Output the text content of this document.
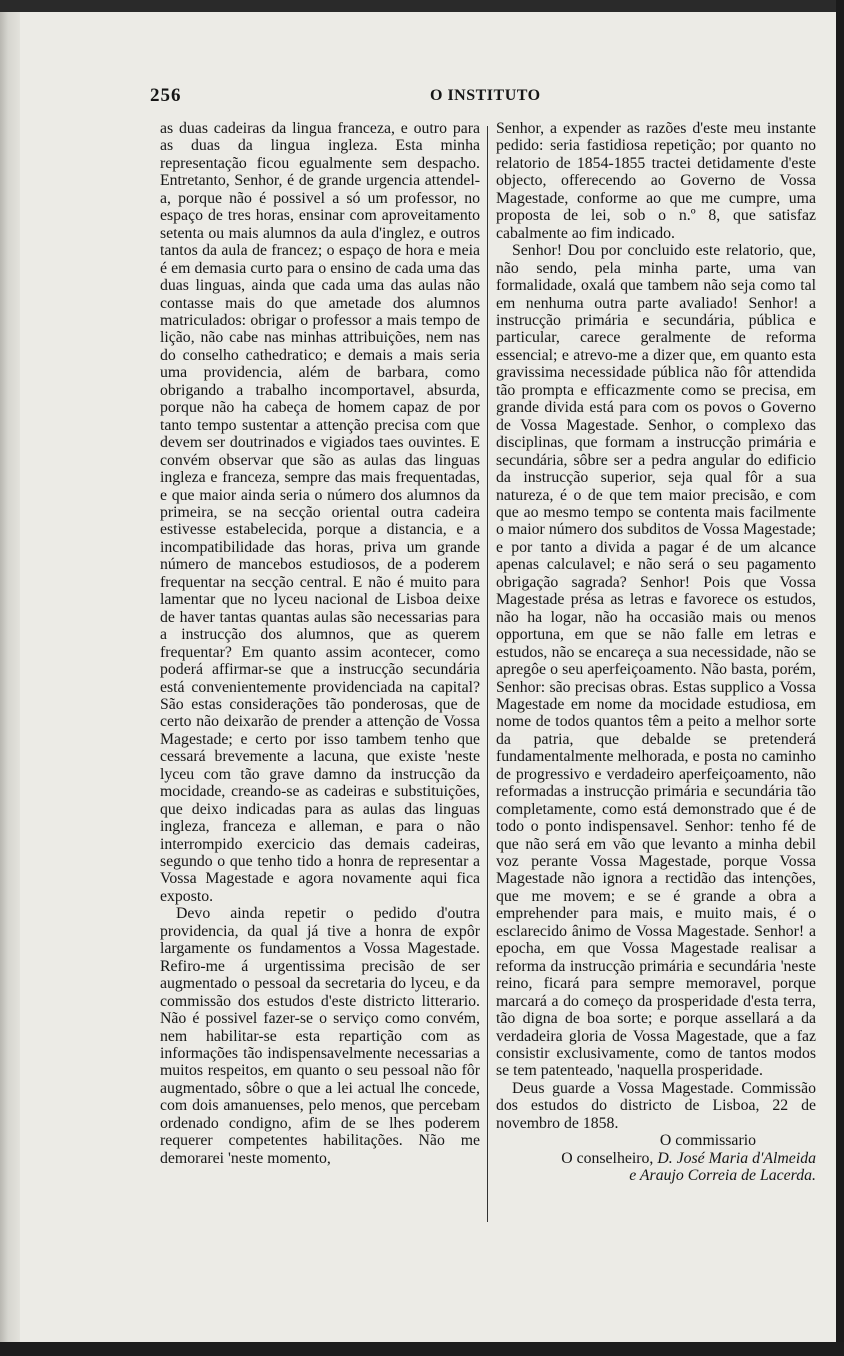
256	O INSTITUTO

as duas cadeiras da lingua franceza, e outro para as duas da lingua ingleza. Esta minha representação ficou egualmente sem despacho. Entretanto, Senhor, é de grande urgencia attendel-a, porque não é possivel a só um professor, no espaço de tres horas, ensinar com aproveitamento setenta ou mais alumnos da aula d'inglez, e outros tantos da aula de francez; o espaço de hora e meia é em demasia curto para o ensino de cada uma das duas linguas, ainda que cada uma das aulas não contasse mais do que ametade dos alumnos matriculados: obrigar o professor a mais tempo de lição, não cabe nas minhas attribuições, nem nas do conselho cathedratico; e demais a mais seria uma providencia, além de barbara, como obrigando a trabalho incomportavel, absurda, porque não ha cabeça de homem capaz de por tanto tempo sustentar a attenção precisa com que devem ser doutrinados e vigiados taes ouvintes. E convém observar que são as aulas das linguas ingleza e franceza, sempre das mais frequentadas, e que maior ainda seria o número dos alumnos da primeira, se na secção oriental outra cadeira estivesse estabelecida, porque a distancia, e a incompatibilidade das horas, priva um grande número de mancebos estudiosos, de a poderem frequentar na secção central. E não é muito para lamentar que no lyceu nacional de Lisboa deixe de haver tantas quantas aulas são necessarias para a instrucção dos alumnos, que as querem frequentar? Em quanto assim acontecer, como poderá affirmar-se que a instrucção secundária está convenientemente providenciada na capital? São estas considerações tão ponderosas, que de certo não deixarão de prender a attenção de Vossa Magestade; e certo por isso tambem tenho que cessará brevemente a lacuna, que existe 'neste lyceu com tão grave damno da instrucção da mocidade, creando-se as cadeiras e substituições, que deixo indicadas para as aulas das linguas ingleza, franceza e alleman, e para o não interrompido exercicio das demais cadeiras, segundo o que tenho tido a honra de representar a Vossa Magestade e agora novamente aqui fica exposto.

Devo ainda repetir o pedido d'outra providencia, da qual já tive a honra de expôr largamente os fundamentos a Vossa Magestade. Refiro-me á urgentissima precisão de ser augmentado o pessoal da secretaria do lyceu, e da commissão dos estudos d'este districto litterario. Não é possivel fazer-se o serviço como convém, nem habilitar-se esta repartição com as informações tão indispensavelmente necessarias a muitos respeitos, em quanto o seu pessoal não fôr augmentado, sôbre o que a lei actual lhe concede, com dois amanuenses, pelo menos, que percebam ordenado condigno, afim de se lhes poderem requerer competentes habilitações. Não me demorarei 'neste momento,

Senhor, a expender as razões d'este meu instante pedido: seria fastidiosa repetição; por quanto no relatorio de 1854-1855 tractei detidamente d'este objecto, offerecendo ao Governo de Vossa Magestade, conforme ao que me cumpre, uma proposta de lei, sob o n.º 8, que satisfaz cabalmente ao fim indicado.

Senhor! Dou por concluido este relatorio, que, não sendo, pela minha parte, uma van formalidade, oxalá que tambem não seja como tal em nenhuma outra parte avaliado! Senhor! a instrucção primária e secundária, pública e particular, carece geralmente de reforma essencial; e atrevo-me a dizer que, em quanto esta gravissima necessidade pública não fôr attendida tão prompta e efficazmente como se precisa, em grande divida está para com os povos o Governo de Vossa Magestade. Senhor, o complexo das disciplinas, que formam a instrucção primária e secundária, sôbre ser a pedra angular do edificio da instrucção superior, seja qual fôr a sua natureza, é o de que tem maior precisão, e com que ao mesmo tempo se contenta mais facilmente o maior número dos subditos de Vossa Magestade; e por tanto a divida a pagar é de um alcance apenas calculavel; e não será o seu pagamento obrigação sagrada? Senhor! Pois que Vossa Magestade présa as letras e favorece os estudos, não ha logar, não ha occasião mais ou menos opportuna, em que se não falle em letras e estudos, não se encareça a sua necessidade, não se apregôe o seu aperfeiçoamento. Não basta, porém, Senhor: são precisas obras. Estas supplico a Vossa Magestade em nome da mocidade estudiosa, em nome de todos quantos têm a peito a melhor sorte da patria, que debalde se pretenderá fundamentalmente melhorada, e posta no caminho de progressivo e verdadeiro aperfeiçoamento, não reformadas a instrucção primária e secundária tão completamente, como está demonstrado que é de todo o ponto indispensavel. Senhor: tenho fé de que não será em vão que levanto a minha debil voz perante Vossa Magestade, porque Vossa Magestade não ignora a rectidão das intenções, que me movem; e se é grande a obra a emprehender para mais, e muito mais, é o esclarecido ânimo de Vossa Magestade. Senhor! a epocha, em que Vossa Magestade realisar a reforma da instrucção primária e secundária 'neste reino, ficará para sempre memoravel, porque marcará a do começo da prosperidade d'esta terra, tão digna de boa sorte; e porque assellará a da verdadeira gloria de Vossa Magestade, que a faz consistir exclusivamente, como de tantos modos se tem patenteado, 'naquella prosperidade.

Deus guarde a Vossa Magestade. Commissão dos estudos do districto de Lisboa, 22 de novembro de 1858.

O commissario

O conselheiro, D. José Maria d'Almeida

e Araujo Correia de Lacerda.
